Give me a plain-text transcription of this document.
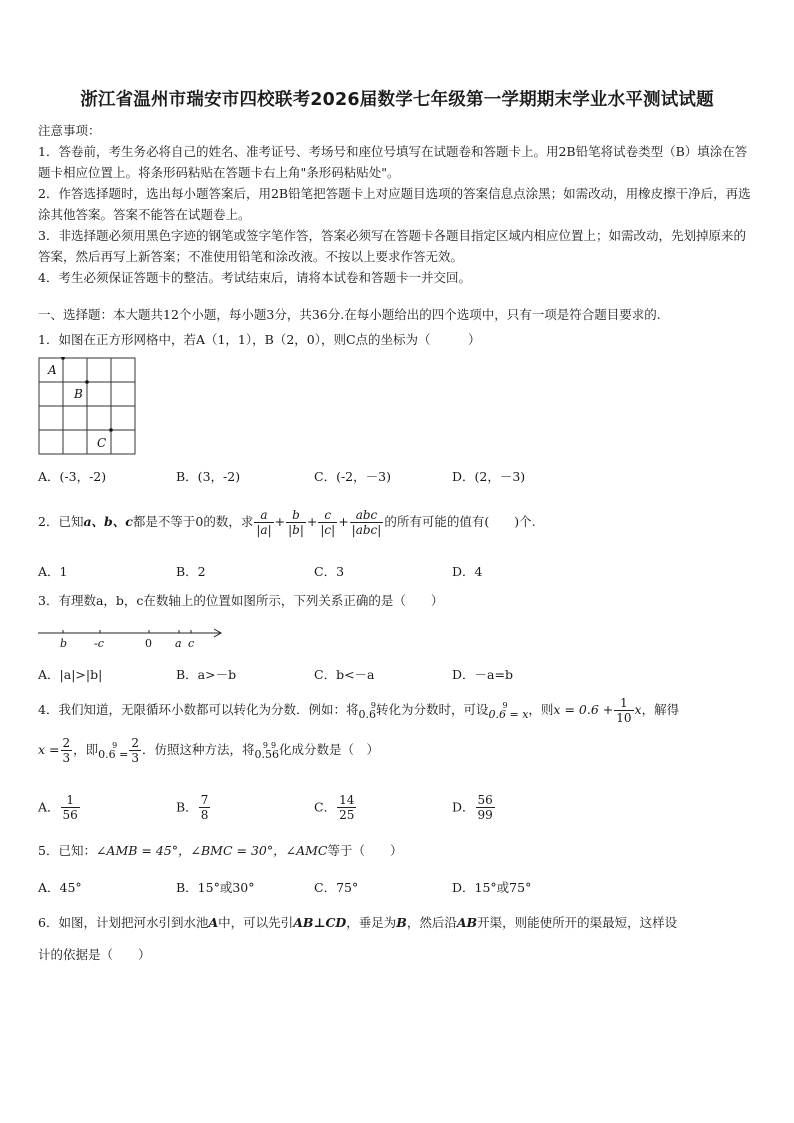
浙江省温州市瑞安市四校联考2026届数学七年级第一学期期末学业水平测试试题

注意事项：

1．答卷前，考生务必将自己的姓名、准考证号、考场号和座位号填写在试题卷和答题卡上。用2B铅笔将试卷类型（B）填涂在答题卡相应位置上。将条形码粘贴在答题卡右上角"条形码粘贴处"。

2．作答选择题时，选出每小题答案后，用2B铅笔把答题卡上对应题目选项的答案信息点涂黑；如需改动，用橡皮擦干净后，再选涂其他答案。答案不能答在试题卷上。

3．非选择题必须用黑色字迹的钢笔或签字笔作答，答案必须写在答题卡各题目指定区域内相应位置上；如需改动，先划掉原来的答案，然后再写上新答案；不准使用铅笔和涂改液。不按以上要求作答无效。

4．考生必须保证答题卡的整洁。考试结束后，请将本试卷和答题卡一并交回。

一、选择题：本大题共12个小题，每小题3分，共36分.在每小题给出的四个选项中，只有一项是符合题目要求的.
1．如图在正方形网格中，若A（1，1），B（2，0），则C点的坐标为（　　　）
A
B
C
A．(-3，-2)	B．(3，-2)	C．(-2，－3)	D．(2，－3)
2．已知a、b、c都是不等于0的数，求 $\frac{a}{|a|} + \frac{b}{|b|} + \frac{c}{|c|} + \frac{\text{abc}}{\text{|abc|}}$ 的所有可能的值有(　　)个.
A．1	B．2	C．3	D．4
3．有理数a，b，c在数轴上的位置如图所示，下列关系正确的是（　　）
b -c	0 a c
A．|a|>|b|	B．a>－b	C．b<－a	D．－a=b
4．我们知道，无限循环小数都可以转化为分数．例如：将	9
0.6转化为分数时，可设	9
0.6 = x，则$x = 0.6 + \frac{1}{10}$ x，解得
$x = \frac{2}{3}$ ，即	9
$0.6 = \frac{2}{3}$ ．仿照这种方法，将	99
0.56化成分数是（　）
A． $\frac{1}{56}$	B． $\frac{7}{8}$	C． $\frac{14}{25}$	D． $\frac{56}{99}$
5．已知：∠AMB = 45°，∠BMC = 30°，∠AMC等于（　　）
A．45°	B．15°或30°	C．75°	D．15°或75°
6．如图，计划把河水引到水池A中，可以先引AB⊥CD，垂足为B，然后沿AB开渠，则能使所开的渠最短，这样设
计的依据是（　　）
